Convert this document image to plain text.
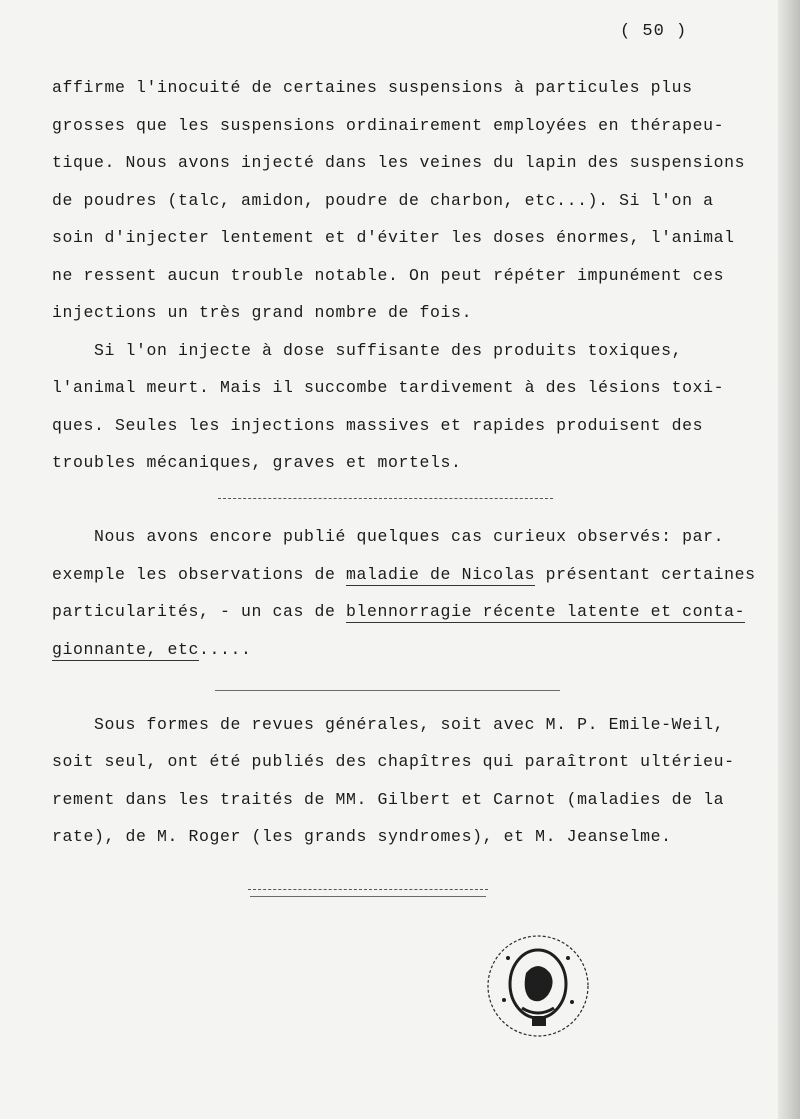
( 50 )
affirme l'inocuité de certaines suspensions à particules plus
grosses que les suspensions ordinairement employées en thérapeu-
tique. Nous avons injecté dans les veines du lapin des suspensions
de poudres (talc, amidon, poudre de charbon, etc...). Si l'on a
soin d'injecter lentement et d'éviter les doses énormes, l'animal
ne ressent aucun trouble notable. On peut répéter impunément ces
injections un très grand nombre de fois.
Si l'on injecte à dose suffisante des produits toxiques,
l'animal meurt. Mais il succombe tardivement à des lésions toxi-
ques. Seules les injections massives et rapides produisent des
troubles mécaniques, graves et mortels.
Nous avons encore publié quelques cas curieux observés: par.
exemple les observations de maladie de Nicolas présentant certaines
particularités, - un cas de blennorragie récente latente et conta-
gionnante, etc.....
Sous formes de revues générales, soit avec M. P. Emile-Weil,
soit seul, ont été publiés des chapîtres qui paraîtront ultérieu-
rement dans les traités de MM. Gilbert et Carnot (maladies de la
rate), de M. Roger (les grands syndromes), et M. Jeanselme.
